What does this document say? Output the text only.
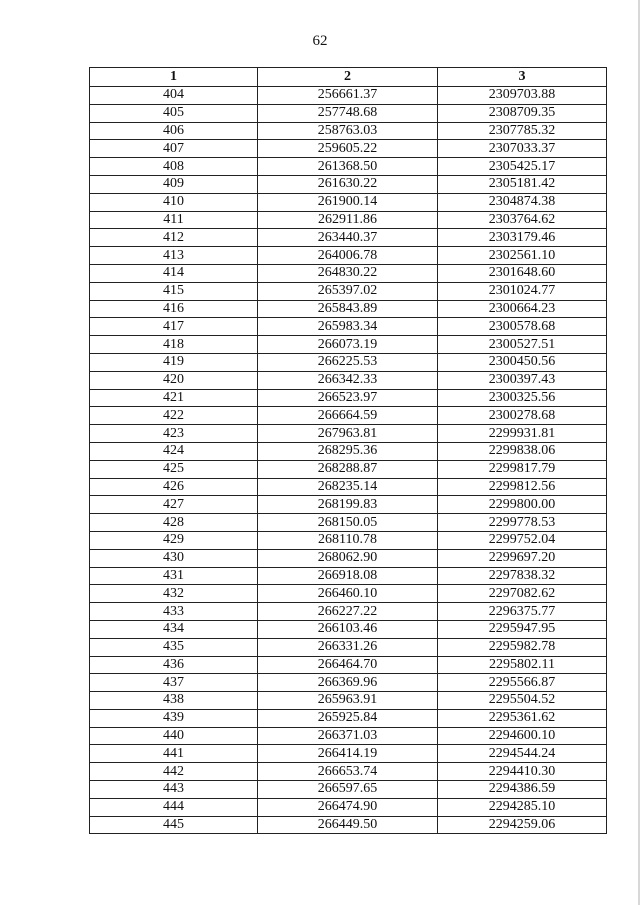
62
1	2	3
404	256661.37	2309703.88
405	257748.68	2308709.35
406	258763.03	2307785.32
407	259605.22	2307033.37
408	261368.50	2305425.17
409	261630.22	2305181.42
410	261900.14	2304874.38
411	262911.86	2303764.62
412	263440.37	2303179.46
413	264006.78	2302561.10
414	264830.22	2301648.60
415	265397.02	2301024.77
416	265843.89	2300664.23
417	265983.34	2300578.68
418	266073.19	2300527.51
419	266225.53	2300450.56
420	266342.33	2300397.43
421	266523.97	2300325.56
422	266664.59	2300278.68
423	267963.81	2299931.81
424	268295.36	2299838.06
425	268288.87	2299817.79
426	268235.14	2299812.56
427	268199.83	2299800.00
428	268150.05	2299778.53
429	268110.78	2299752.04
430	268062.90	2299697.20
431	266918.08	2297838.32
432	266460.10	2297082.62
433	266227.22	2296375.77
434	266103.46	2295947.95
435	266331.26	2295982.78
436	266464.70	2295802.11
437	266369.96	2295566.87
438	265963.91	2295504.52
439	265925.84	2295361.62
440	266371.03	2294600.10
441	266414.19	2294544.24
442	266653.74	2294410.30
443	266597.65	2294386.59
444	266474.90	2294285.10
445	266449.50	2294259.06
